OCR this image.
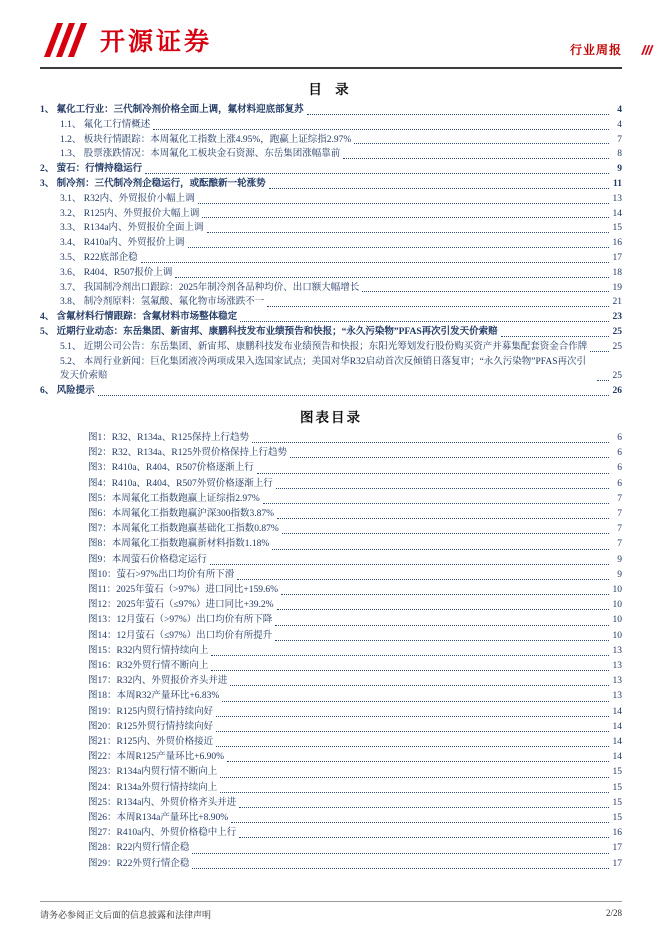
开源证券	行业周报
目 录
1、 氟化工行业：三代制冷剂价格全面上调，氟材料迎底部复苏	4
1.1、 氟化工行情概述	4
1.2、 板块行情跟踪：本周氟化工指数上涨4.95%，跑赢上证综指2.97%	7
1.3、 股票涨跌情况：本周氟化工板块金石资源、东岳集团涨幅靠前	8
2、 萤石：行情持稳运行	9
3、 制冷剂：三代制冷剂企稳运行，或酝酿新一轮涨势	11
3.1、 R32内、外贸报价小幅上调	13
3.2、 R125内、外贸报价大幅上调	14
3.3、 R134a内、外贸报价全面上调	15
3.4、 R410a内、外贸报价上调	16
3.5、 R22底部企稳	17
3.6、 R404、R507报价上调	18
3.7、 我国制冷剂出口跟踪：2025年制冷剂各品种均价、出口额大幅增长	19
3.8、 制冷剂原料：氢氟酸、氟化物市场涨跌不一	21
4、 含氟材料行情跟踪：含氟材料市场整体稳定	23
5、 近期行业动态：东岳集团、新宙邦、康鹏科技发布业绩预告和快报；“永久污染物”PFAS再次引发天价索赔	25
5.1、 近期公司公告：东岳集团、新宙邦、康鹏科技发布业绩预告和快报；东阳光筹划发行股份购买资产并募集配套资金合作牌	25
5.2、 本周行业新闻：巨化集团液冷两项成果入选国家试点；美国对华R32启动首次反倾销日落复审；“永久污染物”PFAS再次引发天价索赔	25
6、 风险提示	26
图表目录
图1：R32、R134a、R125保持上行趋势	6
图2：R32、R134a、R125外贸价格保持上行趋势	6
图3：R410a、R404、R507价格逐渐上行	6
图4：R410a、R404、R507外贸价格逐渐上行	6
图5：本周氟化工指数跑赢上证综指2.97%	7
图6：本周氟化工指数跑赢沪深300指数3.87%	7
图7：本周氟化工指数跑赢基础化工指数0.87%	7
图8：本周氟化工指数跑赢新材料指数1.18%	7
图9：本周萤石价格稳定运行	9
图10：萤石>97%出口均价有所下滑	9
图11：2025年萤石（>97%）进口同比+159.6%	10
图12：2025年萤石（≤97%）进口同比+39.2%	10
图13：12月萤石（>97%）出口均价有所下降	10
图14：12月萤石（≤97%）出口均价有所提升	10
图15：R32内贸行情持续向上	13
图16：R32外贸行情不断向上	13
图17：R32内、外贸报价齐头并进	13
图18：本周R32产量环比+6.83%	13
图19：R125内贸行情持续向好	14
图20：R125外贸行情持续向好	14
图21：R125内、外贸价格接近	14
图22：本周R125产量环比+6.90%	14
图23：R134a内贸行情不断向上	15
图24：R134a外贸行情持续向上	15
图25：R134a内、外贸价格齐头并进	15
图26：本周R134a产量环比+8.90%	15
图27：R410a内、外贸价格稳中上行	16
图28：R22内贸行情企稳	17
图29：R22外贸行情企稳	17
请务必参阅正文后面的信息披露和法律声明	2/28
